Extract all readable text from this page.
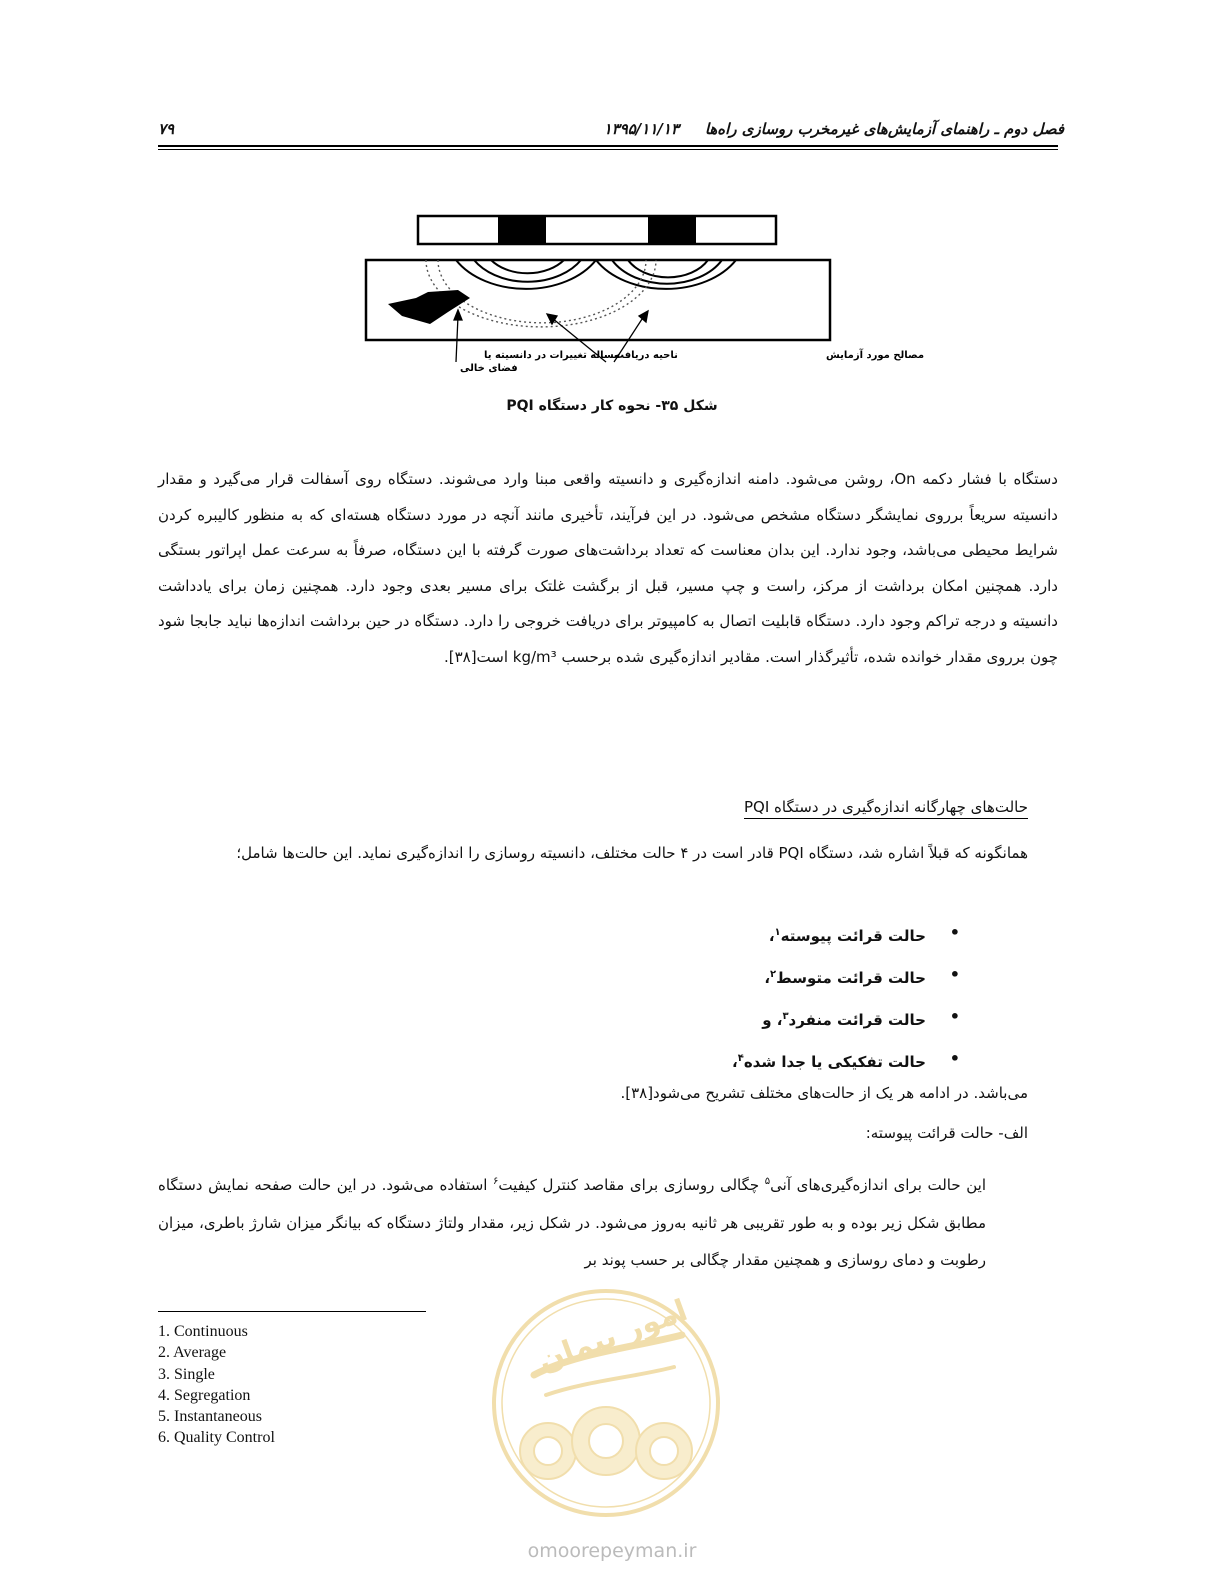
فصل دوم ـ راهنمای آزمایش‌های غیرمخرب روسازی راه‌ها
۱۳۹۵/۱۱/۱۳
۷۹
مساله تغییرات در دانسیته یا
فضای خالی
ناحیه دریافت	مصالح مورد آزمایش
شکل ۳۵- نحوه کار دستگاه PQI
دستگاه با فشار دکمه On، روشن می‌شود. دامنه اندازه‌گیری و دانسیته واقعی مبنا وارد می‌شوند. دستگاه روی آسفالت قرار می‌گیرد و مقدار دانسیته سریعاً برروی نمایشگر دستگاه مشخص می‌شود. در این فرآیند، تأخیری مانند آنچه در مورد دستگاه هسته‌ای که به منظور کالیبره کردن شرایط محیطی می‌باشد، وجود ندارد. این بدان معناست که تعداد برداشت‌های صورت گرفته با این دستگاه، صرفاً به سرعت عمل اپراتور بستگی دارد. همچنین امکان برداشت از مرکز، راست و چپ مسیر، قبل از برگشت غلتک برای مسیر بعدی وجود دارد. همچنین زمان برای یادداشت دانسیته و درجه تراکم وجود دارد. دستگاه قابلیت اتصال به کامپیوتر برای دریافت خروجی را دارد. دستگاه در حین برداشت اندازه‌ها نباید جابجا شود چون برروی مقدار خوانده شده، تأثیرگذار است. مقادیر اندازه‌گیری شده برحسب kg/m³ است[۳۸].
حالت‌های چهارگانه اندازه‌گیری در دستگاه PQI
همانگونه که قبلاً اشاره شد، دستگاه PQI قادر است در ۴ حالت مختلف، دانسیته روسازی را اندازه‌گیری نماید. این حالت‌ها شامل؛
•
حالت قرائت پیوسته$^۱$،
•
حالت قرائت متوسط$^۲$،
•
حالت قرائت منفرد$^۳$، و
•
حالت تفکیکی یا جدا شده$^۴$،
می‌باشد. در ادامه هر یک از حالت‌های مختلف تشریح می‌شود[۳۸].
الف- حالت قرائت پیوسته:
این حالت برای اندازه‌گیری‌های آنی$^۵$ چگالی روسازی برای مقاصد کنترل کیفیت$^۶$ استفاده می‌شود. در این حالت صفحه نمایش دستگاه مطابق شکل زیر بوده و به طور تقریبی هر ثانیه به‌روز می‌شود. در شکل زیر، مقدار ولتاژ دستگاه که بیانگر میزان شارژ باطری، میزان رطوبت و دمای روسازی و همچنین مقدار چگالی بر حسب پوند بر
1. Continuous
2. Average
3. Single
4. Segregation
5. Instantaneous
6. Quality Control
امور پیمان
omoorepeyman.ir
